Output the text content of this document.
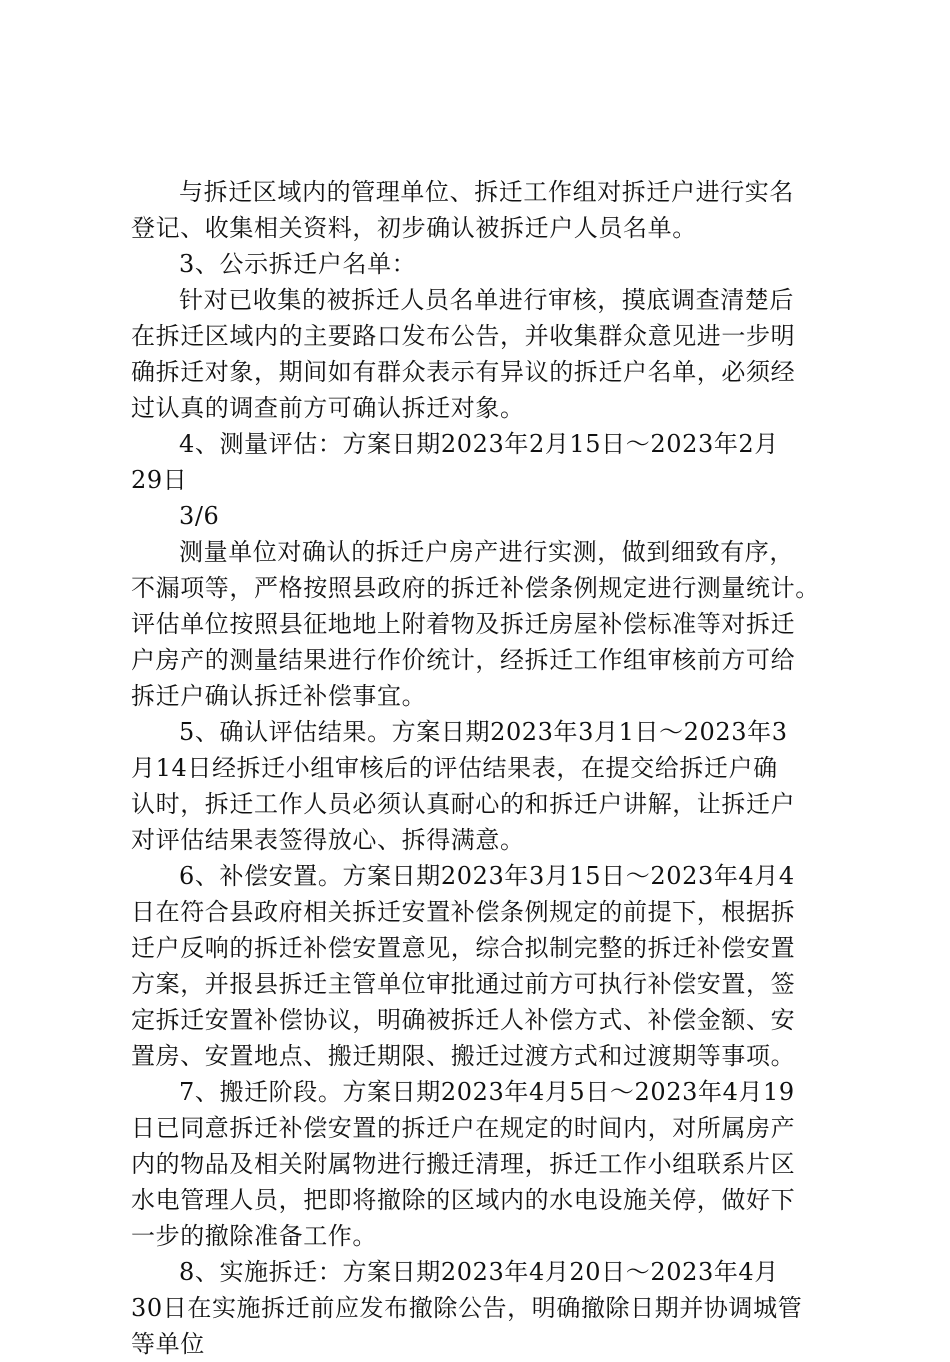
与拆迁区域内的管理单位、拆迁工作组对拆迁户进行实名
登记、收集相关资料，初步确认被拆迁户人员名单。

3、公示拆迁户名单：

针对已收集的被拆迁人员名单进行审核，摸底调查清楚后
在拆迁区域内的主要路口发布公告，并收集群众意见进一步明
确拆迁对象，期间如有群众表示有异议的拆迁户名单，必须经
过认真的调查前方可确认拆迁对象。

4、测量评估：方案日期2023年2月15日～2023年2月
29日

3/6

测量单位对确认的拆迁户房产进行实测，做到细致有序，
不漏项等，严格按照县政府的拆迁补偿条例规定进行测量统计。
评估单位按照县征地地上附着物及拆迁房屋补偿标准等对拆迁
户房产的测量结果进行作价统计，经拆迁工作组审核前方可给
拆迁户确认拆迁补偿事宜。

5、确认评估结果。方案日期2023年3月1日～2023年3
月14日经拆迁小组审核后的评估结果表，在提交给拆迁户确
认时，拆迁工作人员必须认真耐心的和拆迁户讲解，让拆迁户
对评估结果表签得放心、拆得满意。

6、补偿安置。方案日期2023年3月15日～2023年4月4
日在符合县政府相关拆迁安置补偿条例规定的前提下，根据拆
迁户反响的拆迁补偿安置意见，综合拟制完整的拆迁补偿安置
方案，并报县拆迁主管单位审批通过前方可执行补偿安置，签
定拆迁安置补偿协议，明确被拆迁人补偿方式、补偿金额、安
置房、安置地点、搬迁期限、搬迁过渡方式和过渡期等事项。

7、搬迁阶段。方案日期2023年4月5日～2023年4月19
日已同意拆迁补偿安置的拆迁户在规定的时间内，对所属房产
内的物品及相关附属物进行搬迁清理，拆迁工作小组联系片区
水电管理人员，把即将撤除的区域内的水电设施关停，做好下
一步的撤除准备工作。

8、实施拆迁：方案日期2023年4月20日～2023年4月
30日在实施拆迁前应发布撤除公告，明确撤除日期并协调城管
等单位
